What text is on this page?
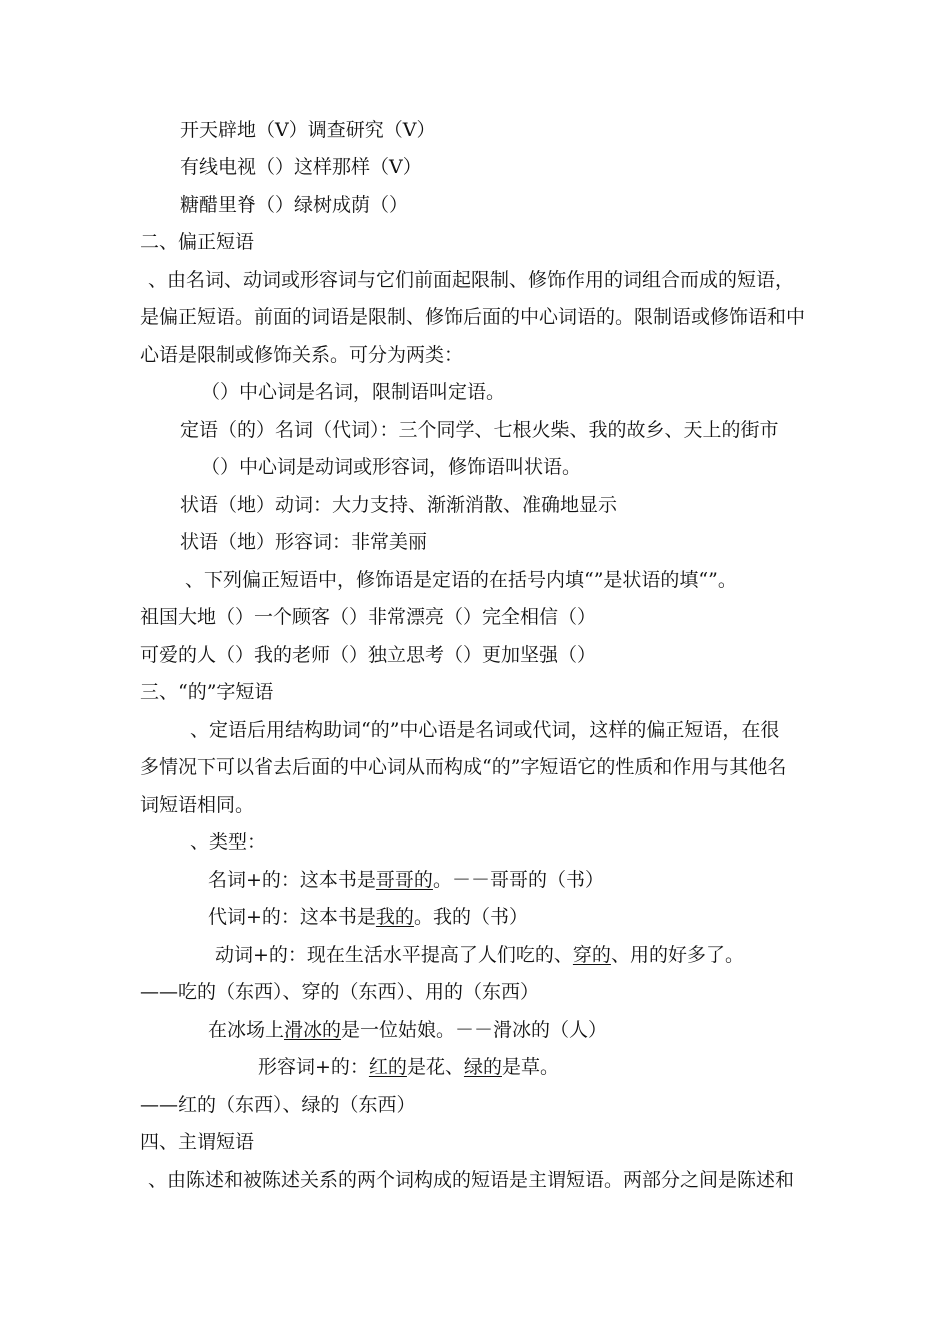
开天辟地（V）调查研究（V）
有线电视（）这样那样（V）
糖醋里脊（）绿树成荫（）
二、偏正短语
、由名词、动词或形容词与它们前面起限制、修饰作用的词组合而成的短语，
是偏正短语。前面的词语是限制、修饰后面的中心词语的。限制语或修饰语和中
心语是限制或修饰关系。可分为两类：
（）中心词是名词，限制语叫定语。
定语（的）名词（代词）：三个同学、七根火柴、我的故乡、天上的街市
（）中心词是动词或形容词，修饰语叫状语。
状语（地）动词：大力支持、渐渐消散、准确地显示
状语（地）形容词：非常美丽
、下列偏正短语中，修饰语是定语的在括号内填“”是状语的填“”。
祖国大地（）一个顾客（）非常漂亮（）完全相信（）
可爱的人（）我的老师（）独立思考（）更加坚强（）
三、“的”字短语
、定语后用结构助词“的”中心语是名词或代词，这样的偏正短语，在很
多情况下可以省去后面的中心词从而构成“的”字短语它的性质和作用与其他名
词短语相同。
、类型：
名词+的：这本书是哥哥的。－－哥哥的（书）
代词+的：这本书是我的。我的（书）
动词+的：现在生活水平提高了人们吃的、穿的、用的好多了。
——吃的（东西）、穿的（东西）、用的（东西）
在冰场上滑冰的是一位姑娘。－－滑冰的（人）
形容词+的：红的是花、绿的是草。
——红的（东西）、绿的（东西）
四、主谓短语
、由陈述和被陈述关系的两个词构成的短语是主谓短语。两部分之间是陈述和
